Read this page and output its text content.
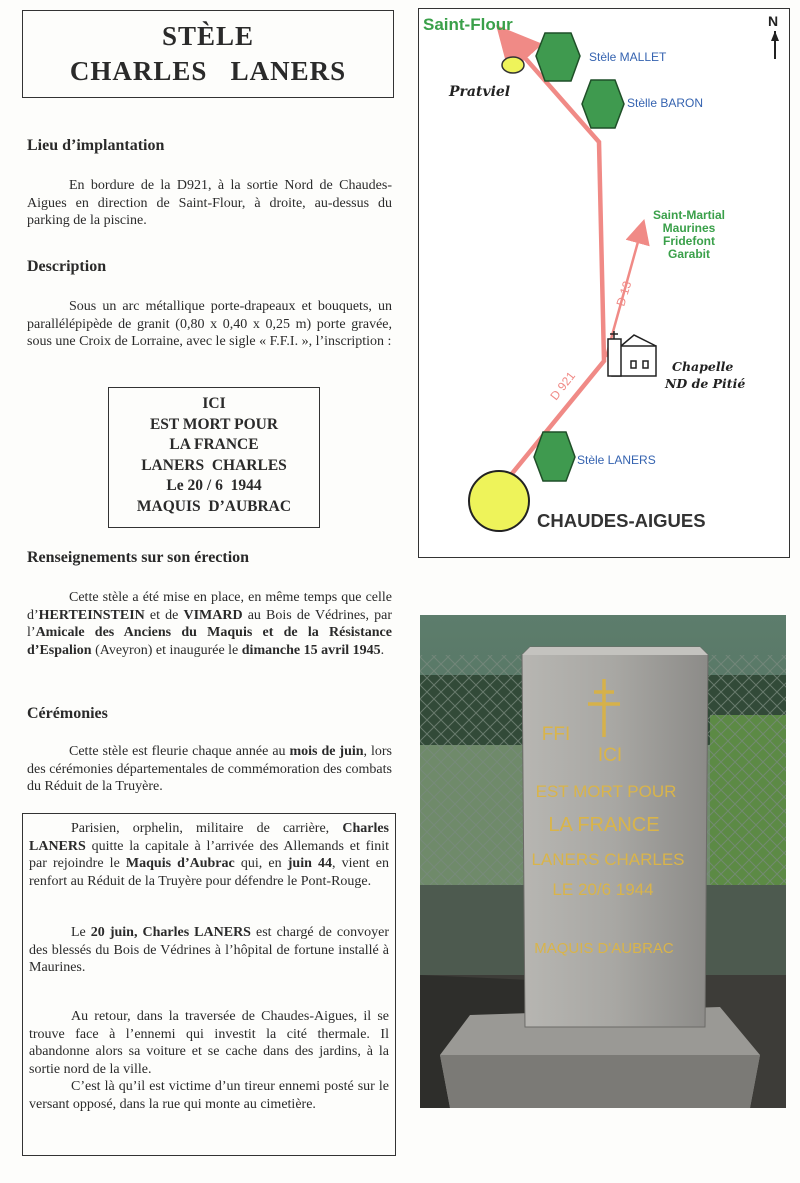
STÈLE
CHARLES   LANERS
Lieu d’implantation
En bordure de la D921, à la sortie Nord de Chaudes-Aigues en direction de Saint-Flour, à droite, au-dessus du parking de la piscine.
Description
Sous un arc métallique porte-drapeaux et bouquets, un parallélépipède de granit (0,80 x 0,40 x 0,25 m) porte gravée, sous une Croix de Lorraine, avec le sigle « F.F.I. », l’inscription :
ICI
EST MORT POUR
LA FRANCE
LANERS  CHARLES
Le 20 / 6  1944
MAQUIS  D’AUBRAC
Renseignements sur son érection
Cette stèle a été mise en place, en même temps que celle d’HERTEINSTEIN et de VIMARD au Bois de Védrines, par l’Amicale des Anciens du Maquis et de la Résistance d’Espalion (Aveyron) et inaugurée le dimanche 15 avril 1945.
Cérémonies
Cette stèle est fleurie chaque année au mois de juin, lors des cérémonies départementales de commémoration des combats du Réduit de la Truyère.

Parisien, orphelin, militaire de carrière, Charles LANERS quitte la capitale à l’arrivée des Allemands et finit par rejoindre le Maquis d’Aubrac qui, en juin 44, vient en renfort au Réduit de la Truyère pour défendre le Pont-Rouge.

Le 20 juin, Charles LANERS est chargé de convoyer des blessés du Bois de Védrines à l’hôpital de fortune installé à Maurines.

Au retour, dans la traversée de Chaudes-Aigues, il se trouve face à l’ennemi qui investit la cité thermale. Il abandonne alors sa voiture et se cache dans des jardins, à la sortie nord de la ville.

C’est là qu’il est victime d’un tireur ennemi posté sur le versant opposé, dans la rue qui monte au cimetière.

Saint-Flour	N
Pratviel
Stèle MALLET
Stèlle BARON
Saint-Martial
Maurines
Fridefont
Garabit
D 13
D 921
Chapelle
ND de Pitié
Stèle LANERS
CHAUDES-AIGUES
FFI
ICI
EST MORT POUR
LA FRANCE
LANERS CHARLES
LE 20/6 1944
MAQUIS D'AUBRAC
